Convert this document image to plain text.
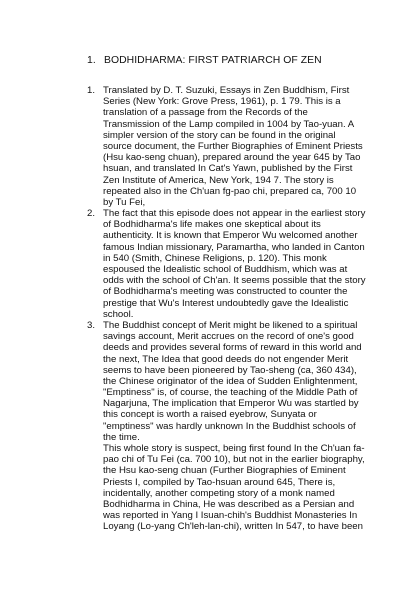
1. BODHIDHARMA: FIRST PATRIARCH OF ZEN
1. Translated by D. T. Suzuki, Essays in Zen Buddhism, First
Series (New York: Grove Press, 1961), p. 1 79. This is a
translation of a passage from the Records of the
Transmission of the Lamp compiled in 1004 by Tao-yuan. A
simpler version of the story can be found in the original
source document, the Further Biographies of Eminent Priests
(Hsu kao-seng chuan), prepared around the year 645 by Tao
hsuan, and translated In Cat's Yawn, published by the First
Zen Institute of America, New York, 194 7. The story is
repeated also in the Ch'uan fg-pao chi, prepared ca, 700 10
by Tu Fei,
2. The fact that this episode does not appear in the earliest story
of Bodhidharma's life makes one skeptical about its
authenticity. It is known that Emperor Wu welcomed another
famous Indian missionary, Paramartha, who landed in Canton
in 540 (Smith, Chinese Religions, p. 120). This monk
espoused the Idealistic school of Buddhism, which was at
odds with the school of Ch'an. It seems possible that the story
of Bodhidharma's meeting was constructed to counter the
prestige that Wu's Interest undoubtedly gave the Idealistic
school.
3. The Buddhist concept of Merit might be likened to a spiritual
savings account, Merit accrues on the record of one's good
deeds and provides several forms of reward in this world and
the next, The Idea that good deeds do not engender Merit
seems to have been pioneered by Tao-sheng (ca, 360 434),
the Chinese originator of the idea of Sudden Enlightenment,
"Emptiness" is, of course, the teaching of the Middle Path of
Nagarjuna, The implication that Emperor Wu was startled by
this concept is worth a raised eyebrow, Sunyata or
"emptiness" was hardly unknown In the Buddhist schools of
the time.
This whole story is suspect, being first found In the Ch'uan fa-
pao chi of Tu Fei (ca. 700 10), but not in the earlier biography,
the Hsu kao-seng chuan (Further Biographies of Eminent
Priests I, compiled by Tao-hsuan around 645, There is,
incidentally, another competing story of a monk named
Bodhidharma in China, He was described as a Persian and
was reported in Yang I Isuan-chih's Buddhist Monasteries In
Loyang (Lo-yang Ch'leh-lan-chi), written In 547, to have been
